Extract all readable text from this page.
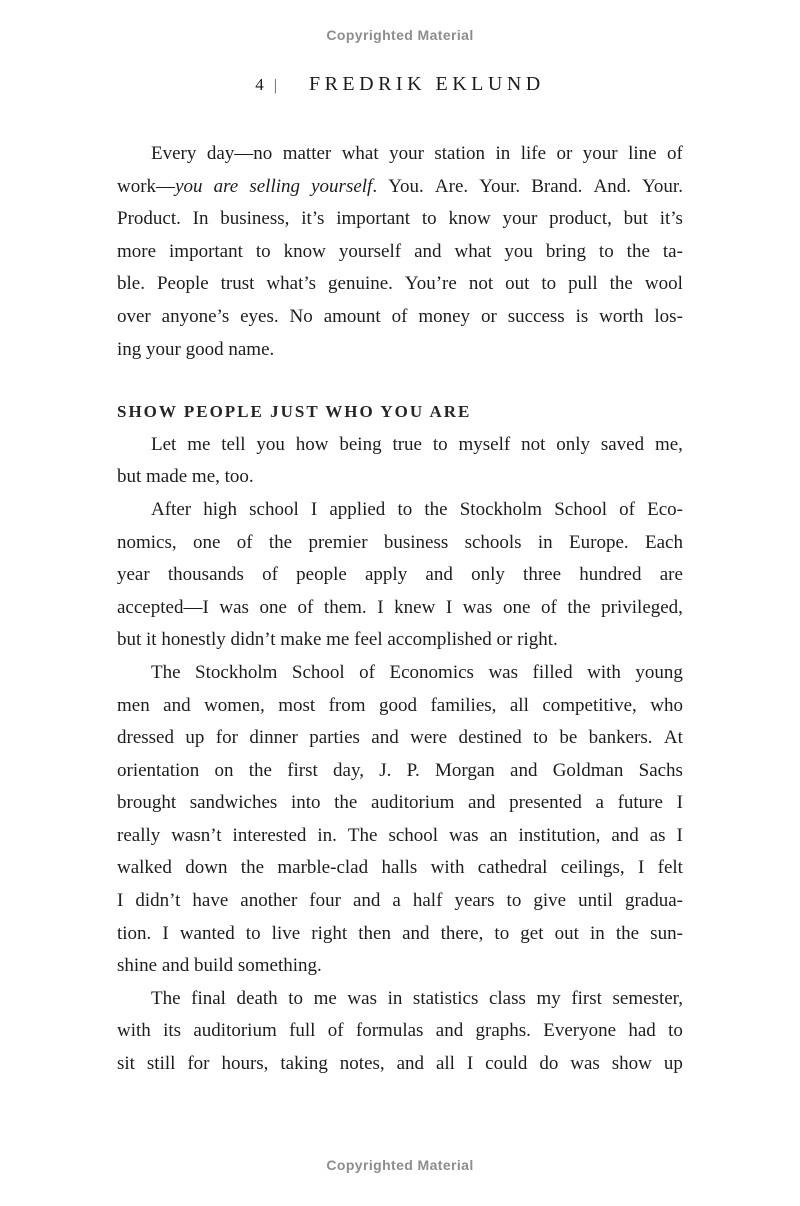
Copyrighted Material
4 | FREDRIK EKLUND
Every day—no matter what your station in life or your line of
work—you are selling yourself. You. Are. Your. Brand. And. Your.
Product. In business, it’s important to know your product, but it’s
more important to know yourself and what you bring to the ta-
ble. People trust what’s genuine. You’re not out to pull the wool
over anyone’s eyes. No amount of money or success is worth los-
ing your good name.
SHOW PEOPLE JUST WHO YOU ARE
Let me tell you how being true to myself not only saved me,
but made me, too.
After high school I applied to the Stockholm School of Eco-
nomics, one of the premier business schools in Europe. Each
year thousands of people apply and only three hundred are
accepted—I was one of them. I knew I was one of the privileged,
but it honestly didn’t make me feel accomplished or right.
The Stockholm School of Economics was filled with young
men and women, most from good families, all competitive, who
dressed up for dinner parties and were destined to be bankers. At
orientation on the first day, J. P. Morgan and Goldman Sachs
brought sandwiches into the auditorium and presented a future I
really wasn’t interested in. The school was an institution, and as I
walked down the marble-clad halls with cathedral ceilings, I felt
I didn’t have another four and a half years to give until gradua-
tion. I wanted to live right then and there, to get out in the sun-
shine and build something.
The final death to me was in statistics class my first semester,
with its auditorium full of formulas and graphs. Everyone had to
sit still for hours, taking notes, and all I could do was show up
Copyrighted Material
